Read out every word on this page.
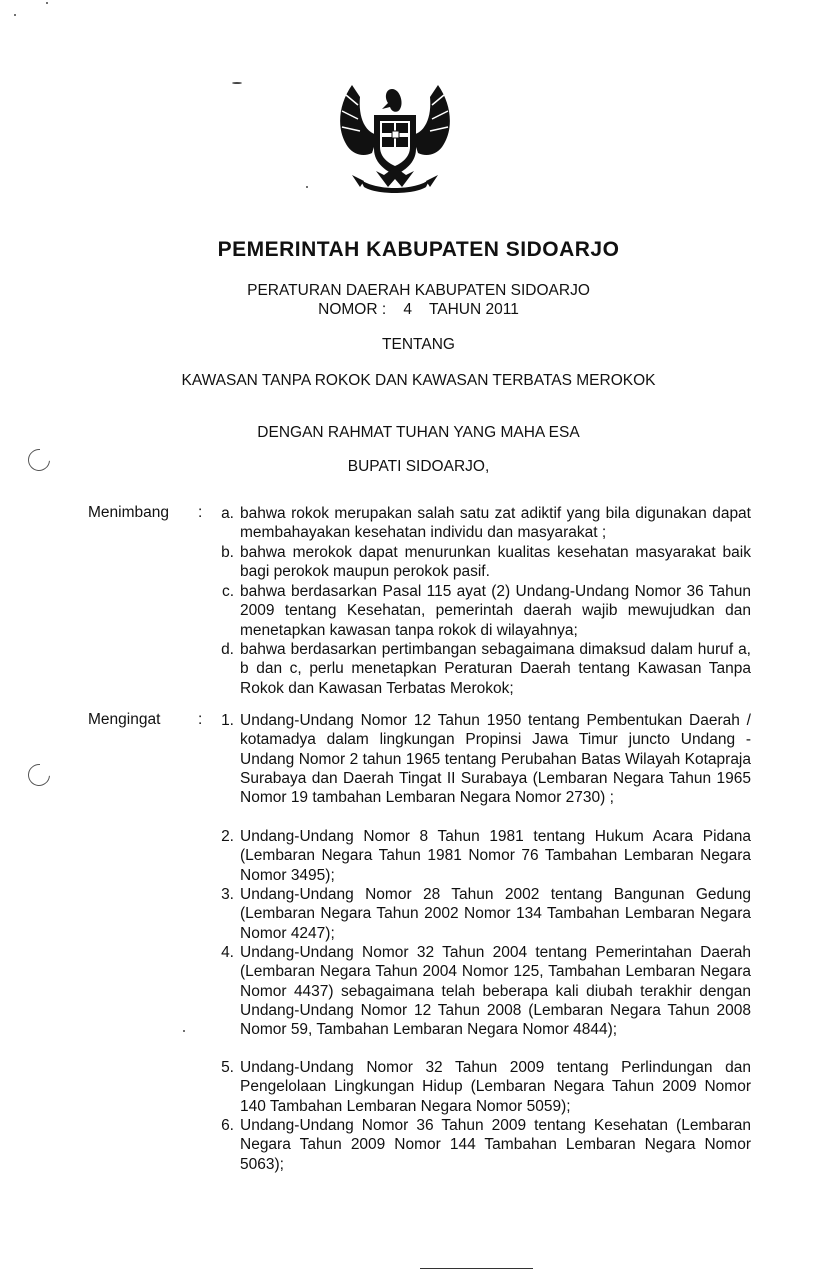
PEMERINTAH KABUPATEN SIDOARJO
PERATURAN DAERAH KABUPATEN SIDOARJO
NOMOR :    4    TAHUN 2011
TENTANG
KAWASAN TANPA ROKOK DAN KAWASAN TERBATAS MEROKOK
DENGAN RAHMAT TUHAN YANG MAHA ESA
BUPATI SIDOARJO,
Menimbang :	a. bahwa rokok merupakan salah satu zat adiktif yang bila digunakan dapat membahayakan kesehatan individu dan masyarakat ;
b. bahwa merokok dapat menurunkan kualitas kesehatan masyarakat baik bagi perokok maupun perokok pasif.
c. bahwa berdasarkan Pasal 115 ayat (2) Undang-Undang Nomor 36 Tahun 2009 tentang Kesehatan, pemerintah daerah wajib mewujudkan dan menetapkan kawasan tanpa rokok di wilayahnya;
d. bahwa berdasarkan pertimbangan sebagaimana dimaksud dalam huruf a, b dan c, perlu menetapkan Peraturan Daerah tentang Kawasan Tanpa Rokok dan Kawasan Terbatas Merokok;
Mengingat :	1. Undang-Undang Nomor 12 Tahun 1950 tentang Pembentukan Daerah / kotamadya dalam lingkungan Propinsi Jawa Timur juncto Undang - Undang Nomor 2 tahun 1965 tentang Perubahan Batas Wilayah Kotapraja Surabaya dan Daerah Tingat II Surabaya (Lembaran Negara Tahun 1965 Nomor 19 tambahan Lembaran Negara Nomor 2730) ;
2. Undang-Undang Nomor 8 Tahun 1981 tentang Hukum Acara Pidana (Lembaran Negara Tahun 1981 Nomor 76 Tambahan Lembaran Negara Nomor 3495);
3. Undang-Undang Nomor 28 Tahun 2002 tentang Bangunan Gedung (Lembaran Negara Tahun 2002 Nomor 134 Tambahan Lembaran Negara Nomor 4247);
4. Undang-Undang Nomor 32 Tahun 2004 tentang Pemerintahan Daerah (Lembaran Negara Tahun 2004 Nomor 125, Tambahan Lembaran Negara Nomor 4437) sebagaimana telah beberapa kali diubah terakhir dengan Undang-Undang Nomor 12 Tahun 2008 (Lembaran Negara Tahun 2008 Nomor 59, Tambahan Lembaran Negara Nomor 4844);
5. Undang-Undang Nomor 32 Tahun 2009 tentang Perlindungan dan Pengelolaan Lingkungan Hidup (Lembaran Negara Tahun 2009 Nomor 140 Tambahan Lembaran Negara Nomor 5059);
6. Undang-Undang Nomor 36 Tahun 2009 tentang Kesehatan (Lembaran Negara Tahun 2009 Nomor 144 Tambahan Lembaran Negara Nomor 5063);
